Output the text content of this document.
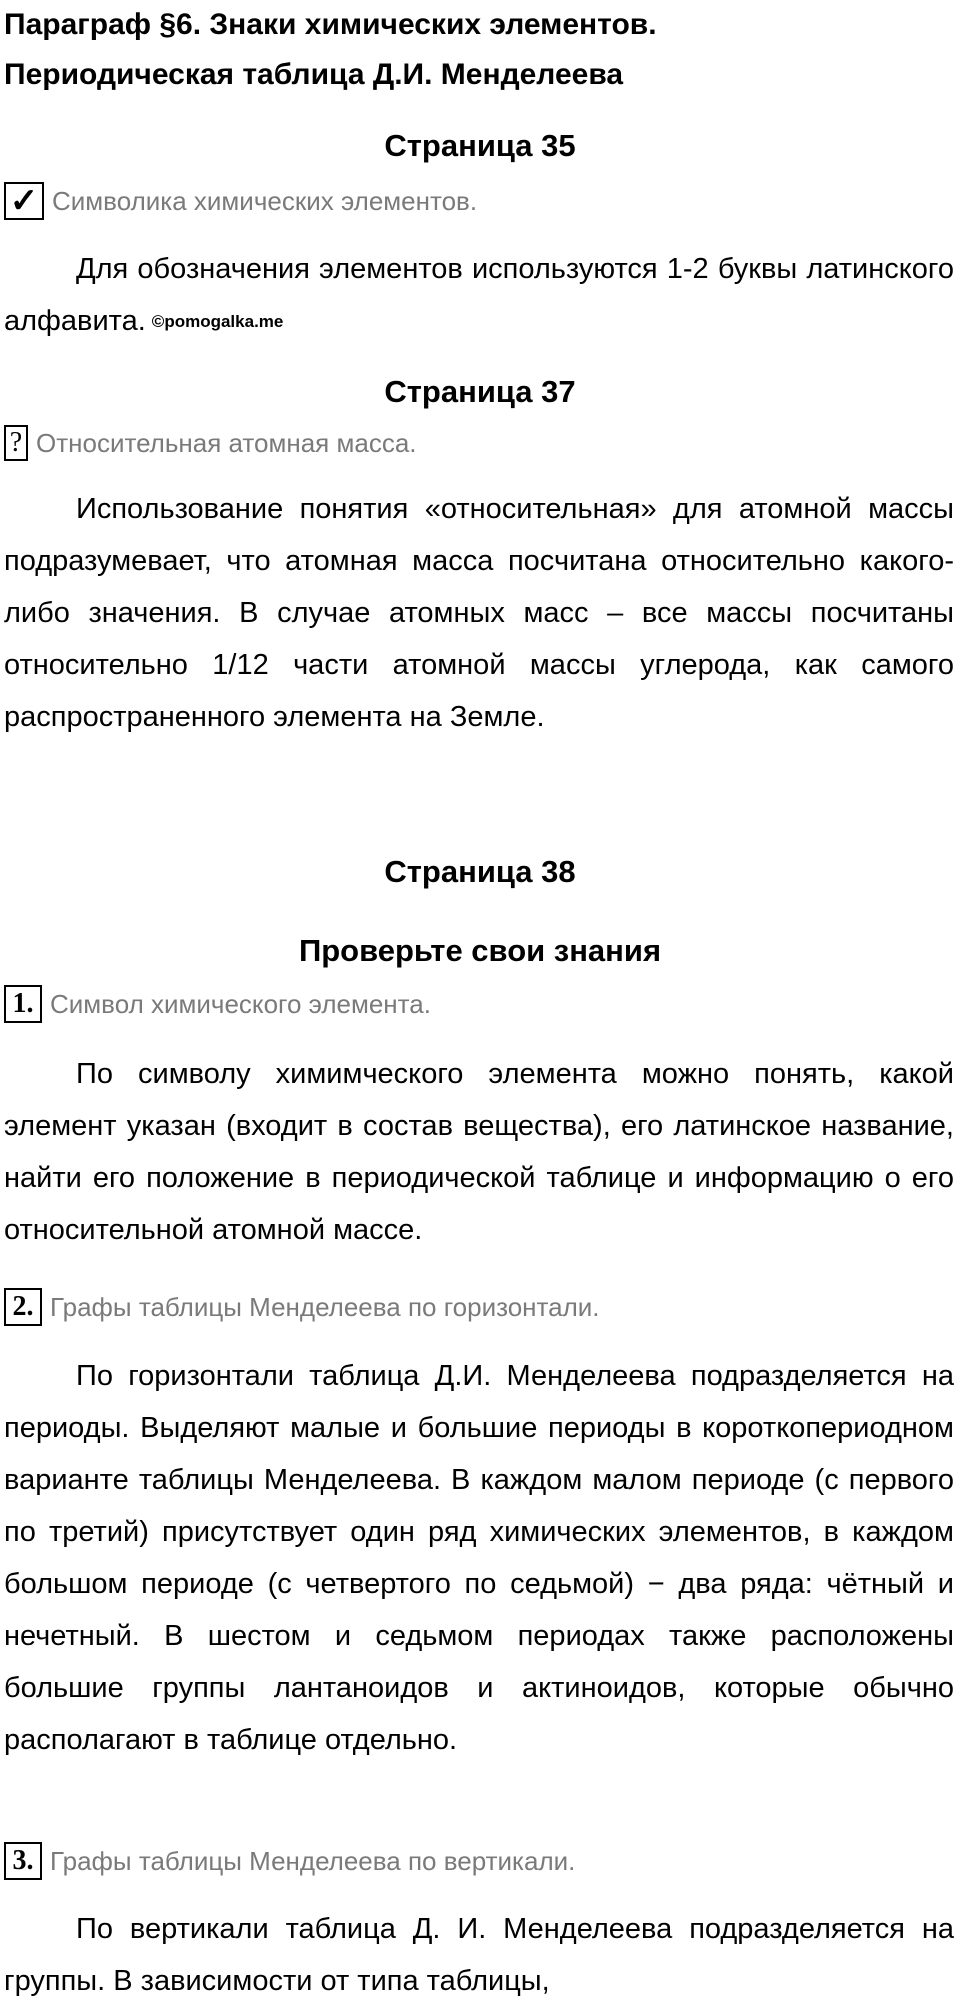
Параграф §6. Знаки химических элементов.
Периодическая таблица Д.И. Менделеева
Страница 35
✓ Символика химических элементов.
Для обозначения элементов используются 1-2 буквы латинского алфавита. ©pomogalka.me
Страница 37
? Относительная атомная масса.
Использование понятия «относительная» для атомной массы подразумевает, что атомная масса посчитана относительно какого-либо значения. В случае атомных масс – все массы посчитаны относительно 1/12 части атомной массы углерода, как самого распространенного элемента на Земле.
Страница 38
Проверьте свои знания
1. Символ химического элемента.
По символу химимческого элемента можно понять, какой элемент указан (входит в состав вещества), его латинское название, найти его положение в периодической таблице и информацию о его относительной атомной массе.
2. Графы таблицы Менделеева по горизонтали.
По горизонтали таблица Д.И. Менделеева подразделяется на периоды. Выделяют малые и большие периоды в короткопериодном варианте таблицы Менделеева. В каждом малом периоде (с первого по третий) присутствует один ряд химических элементов, в каждом большом периоде (с четвертого по седьмой) − два ряда: чётный и нечетный. В шестом и седьмом периодах также расположены большие группы лантаноидов и актиноидов, которые обычно располагают в таблице отдельно.
3. Графы таблицы Менделеева по вертикали.
По вертикали таблица Д. И. Менделеева подразделяется на группы. В зависимости от типа таблицы,
